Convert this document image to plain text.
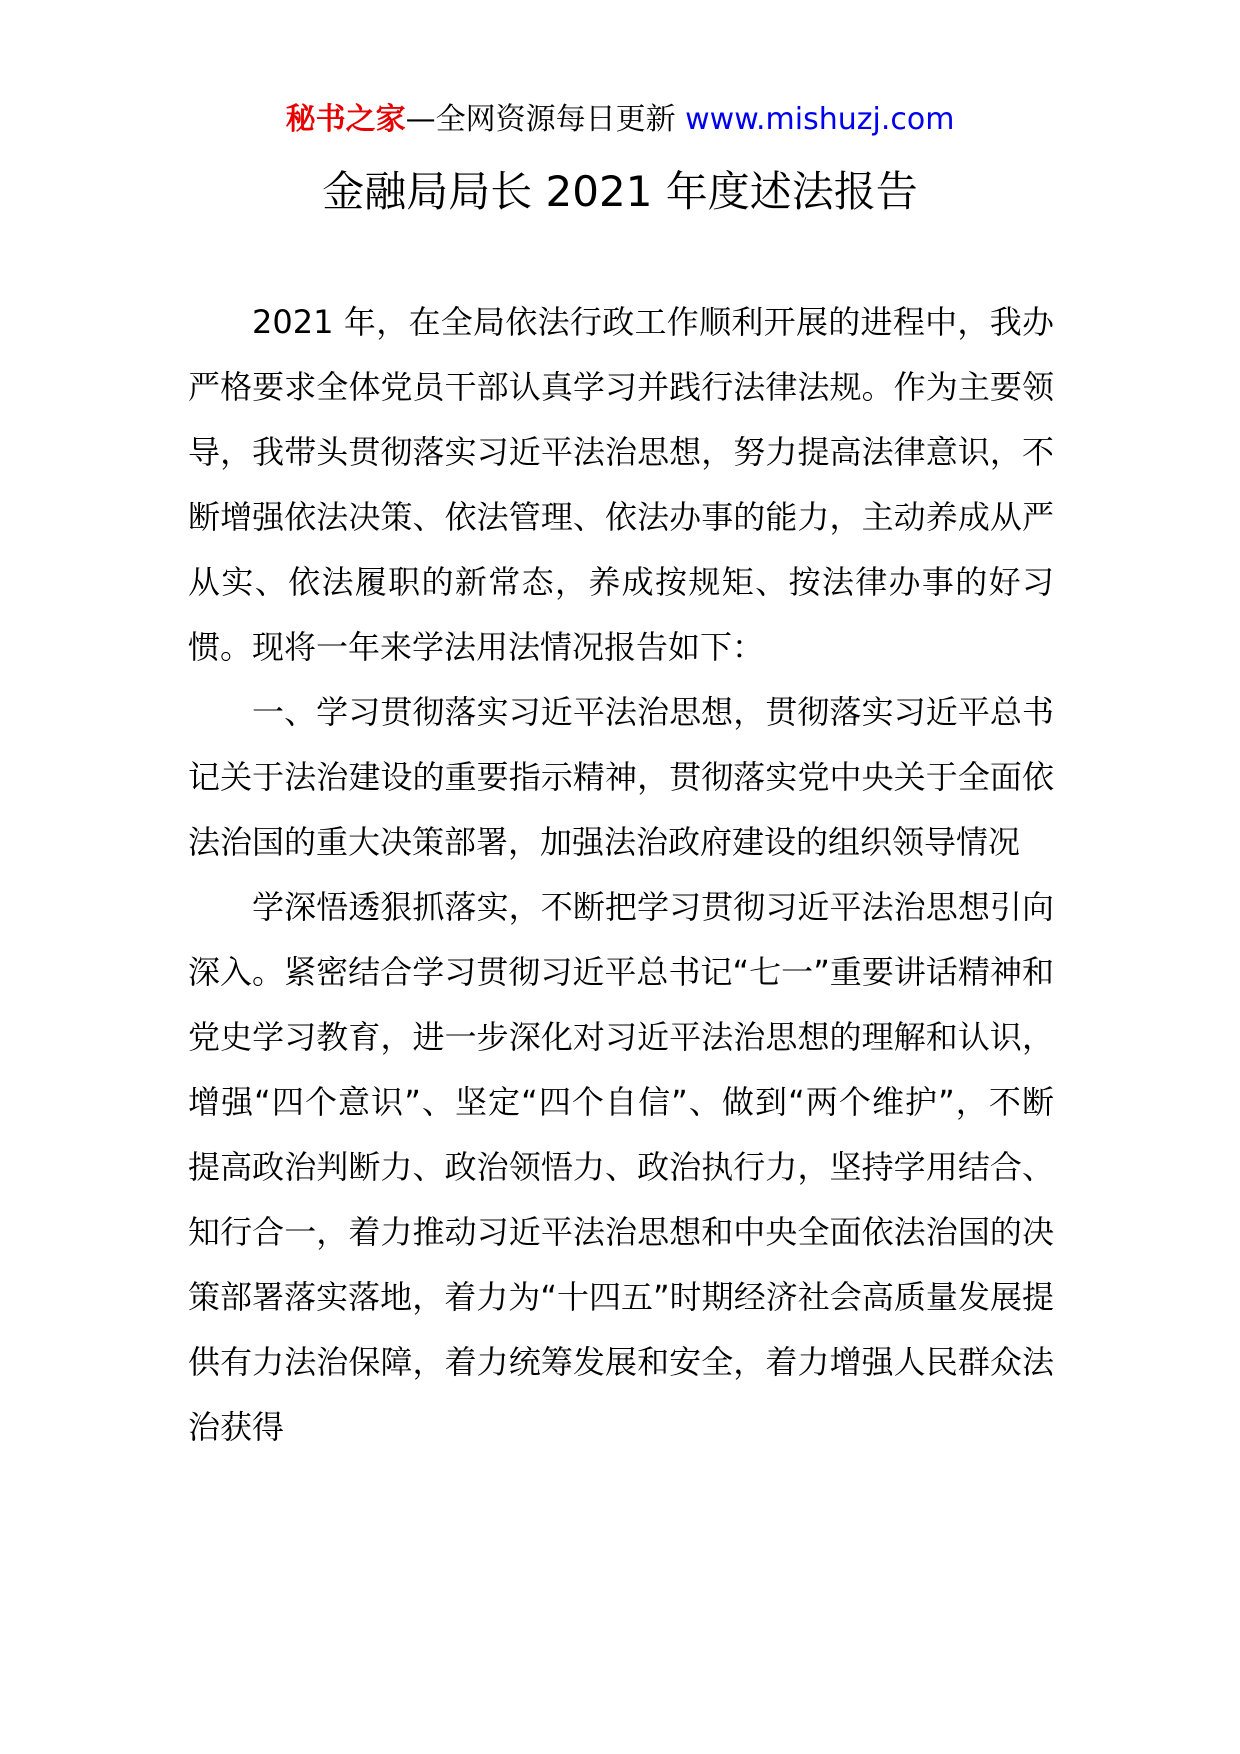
秘书之家—全网资源每日更新 www.mishuzj.com
金融局局长 2021 年度述法报告

2021 年，在全局依法行政工作顺利开展的进程中，我办严格要求全体党员干部认真学习并践行法律法规。作为主要领导，我带头贯彻落实习近平法治思想，努力提高法律意识，不断增强依法决策、依法管理、依法办事的能力，主动养成从严从实、依法履职的新常态，养成按规矩、按法律办事的好习惯。现将一年来学法用法情况报告如下：

一、学习贯彻落实习近平法治思想，贯彻落实习近平总书记关于法治建设的重要指示精神，贯彻落实党中央关于全面依法治国的重大决策部署，加强法治政府建设的组织领导情况

学深悟透狠抓落实，不断把学习贯彻习近平法治思想引向深入。紧密结合学习贯彻习近平总书记“七一”重要讲话精神和党史学习教育，进一步深化对习近平法治思想的理解和认识，增强“四个意识”、坚定“四个自信”、做到“两个维护”，不断提高政治判断力、政治领悟力、政治执行力，坚持学用结合、知行合一，着力推动习近平法治思想和中央全面依法治国的决策部署落实落地，着力为“十四五”时期经济社会高质量发展提供有力法治保障，着力统筹发展和安全，着力增强人民群众法治获得
